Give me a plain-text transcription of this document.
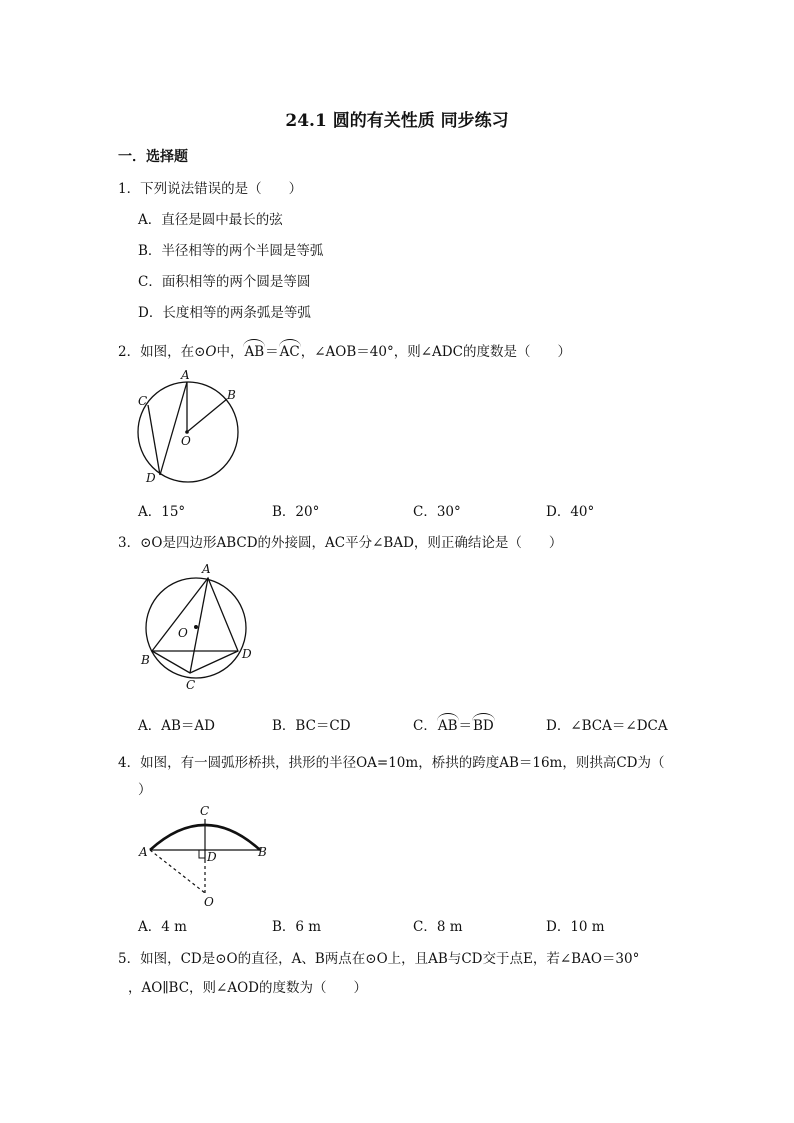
24.1 圆的有关性质 同步练习
一．选择题
1．下列说法错误的是（　　）
A．直径是圆中最长的弦
B．半径相等的两个半圆是等弧
C．面积相等的两个圆是等圆
D．长度相等的两条弧是等弧
2．如图，在⊙O中，AB＝AC，∠AOB＝40°，则∠ADC的度数是（　　）
A
B
C
D
O
A．15°	B．20°	C．30°	D．40°
3．⊙O是四边形ABCD的外接圆，AC平分∠BAD，则正确结论是（　　）
A
B
C
D
O
A．AB＝AD	B．BC＝CD	C．AB＝BD	D．∠BCA＝∠DCA
4．如图，有一圆弧形桥拱，拱形的半径OA=10m，桥拱的跨度AB＝16m，则拱高CD为（
）
A	B
C
D
O
A．4 m	B．6 m	C．8 m	D．10 m
5．如图，CD是⊙O的直径，A、B两点在⊙O上，且AB与CD交于点E，若∠BAO＝30°
，AO∥BC，则∠AOD的度数为（　　）
